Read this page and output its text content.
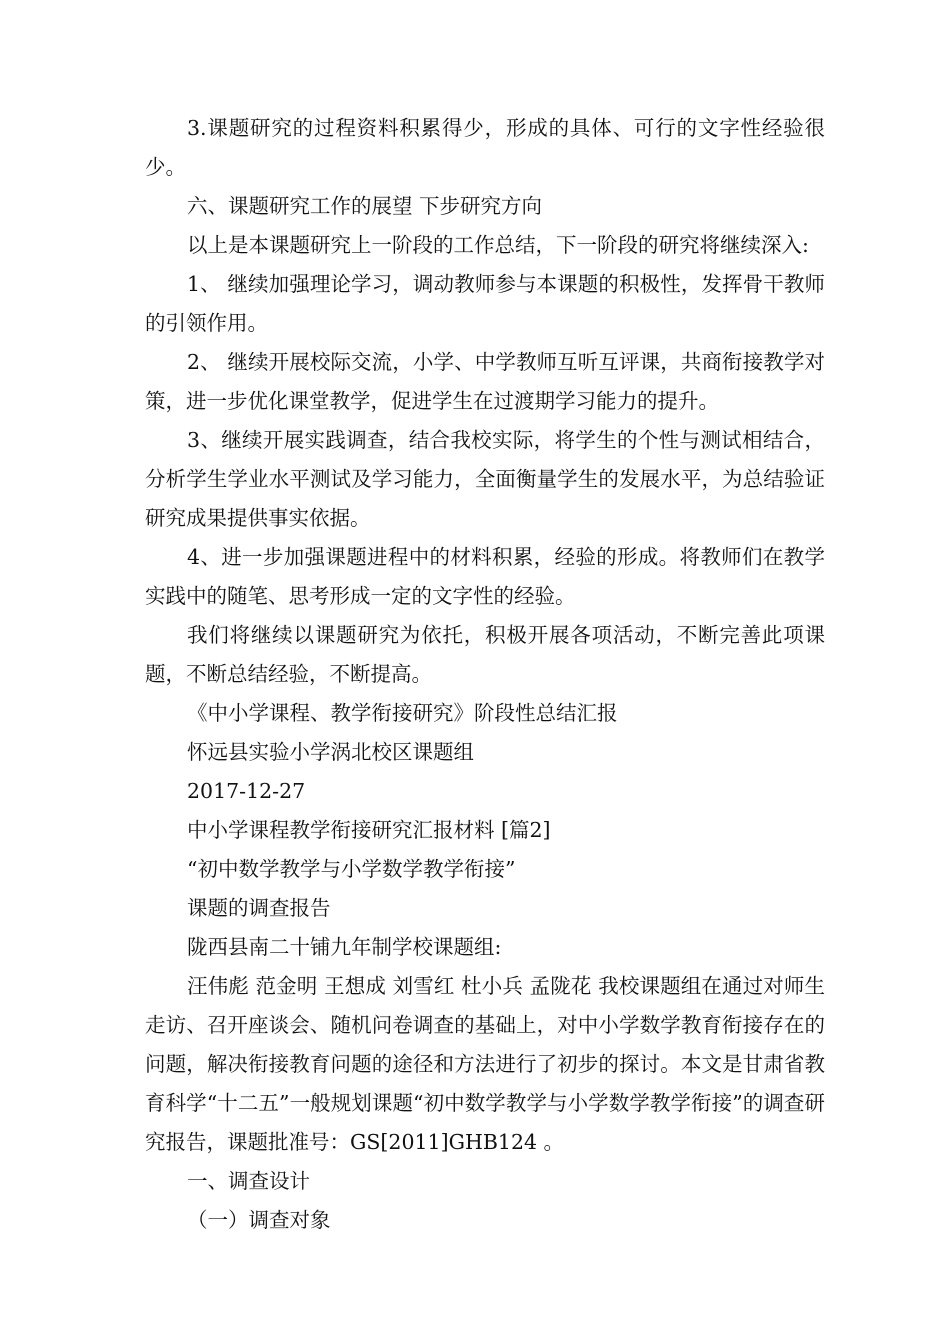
3.课题研究的过程资料积累得少，形成的具体、可行的文字性经验很少。

六、课题研究工作的展望 下步研究方向

以上是本课题研究上一阶段的工作总结，下一阶段的研究将继续深入:

1、 继续加强理论学习，调动教师参与本课题的积极性，发挥骨干教师的引领作用。

2、 继续开展校际交流，小学、中学教师互听互评课，共商衔接教学对策，进一步优化课堂教学，促进学生在过渡期学习能力的提升。

3、继续开展实践调查，结合我校实际，将学生的个性与测试相结合，分析学生学业水平测试及学习能力，全面衡量学生的发展水平，为总结验证研究成果提供事实依据。

4、进一步加强课题进程中的材料积累，经验的形成。将教师们在教学实践中的随笔、思考形成一定的文字性的经验。

我们将继续以课题研究为依托，积极开展各项活动，不断完善此项课题，不断总结经验，不断提高。

《中小学课程、教学衔接研究》阶段性总结汇报

怀远县实验小学涡北校区课题组

2017-12-27

中小学课程教学衔接研究汇报材料 [篇2]

“初中数学教学与小学数学教学衔接”

课题的调查报告

陇西县南二十铺九年制学校课题组:

汪伟彪 范金明 王想成 刘雪红 杜小兵 孟陇花 我校课题组在通过对师生走访、召开座谈会、随机问卷调查的基础上，对中小学数学教育衔接存在的问题，解决衔接教育问题的途径和方法进行了初步的探讨。本文是甘肃省教育科学“十二五”一般规划课题“初中数学教学与小学数学教学衔接”的调查研究报告，课题批准号：GS[2011]GHB124 。

一、调查设计

（一）调查对象
